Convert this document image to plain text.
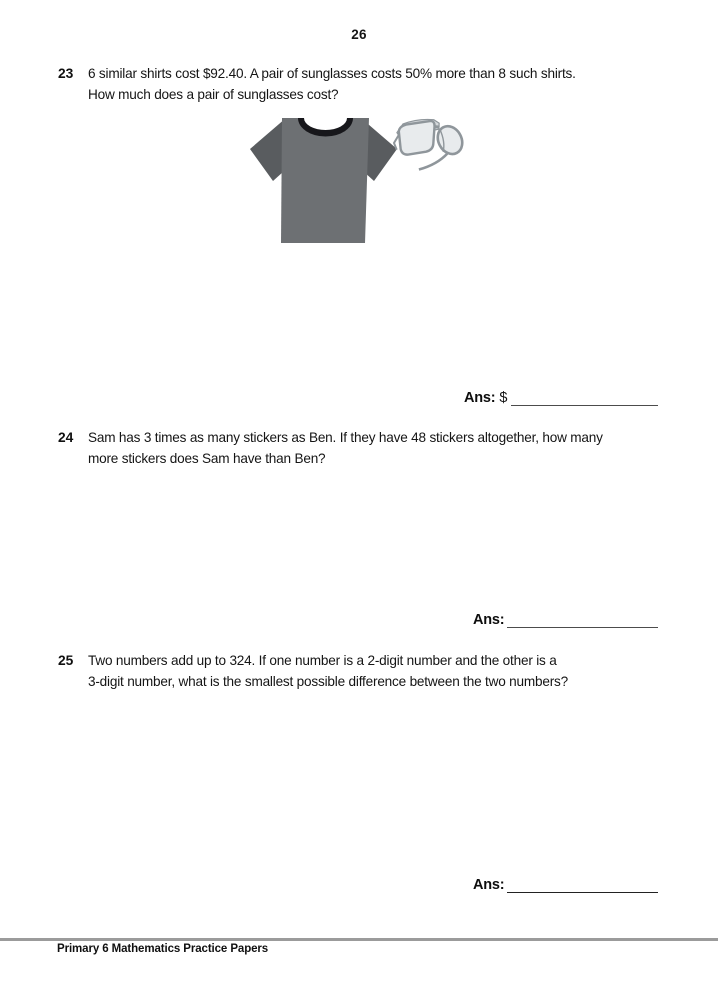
26
23	6 similar shirts cost $92.40. A pair of sunglasses costs 50% more than 8 such shirts.
How much does a pair of sunglasses cost?
Ans: $
24	Sam has 3 times as many stickers as Ben. If they have 48 stickers altogether, how many
more stickers does Sam have than Ben?
Ans:
25	Two numbers add up to 324. If one number is a 2-digit number and the other is a
3-digit number, what is the smallest possible difference between the two numbers?
Ans:
Primary 6 Mathematics Practice Papers
